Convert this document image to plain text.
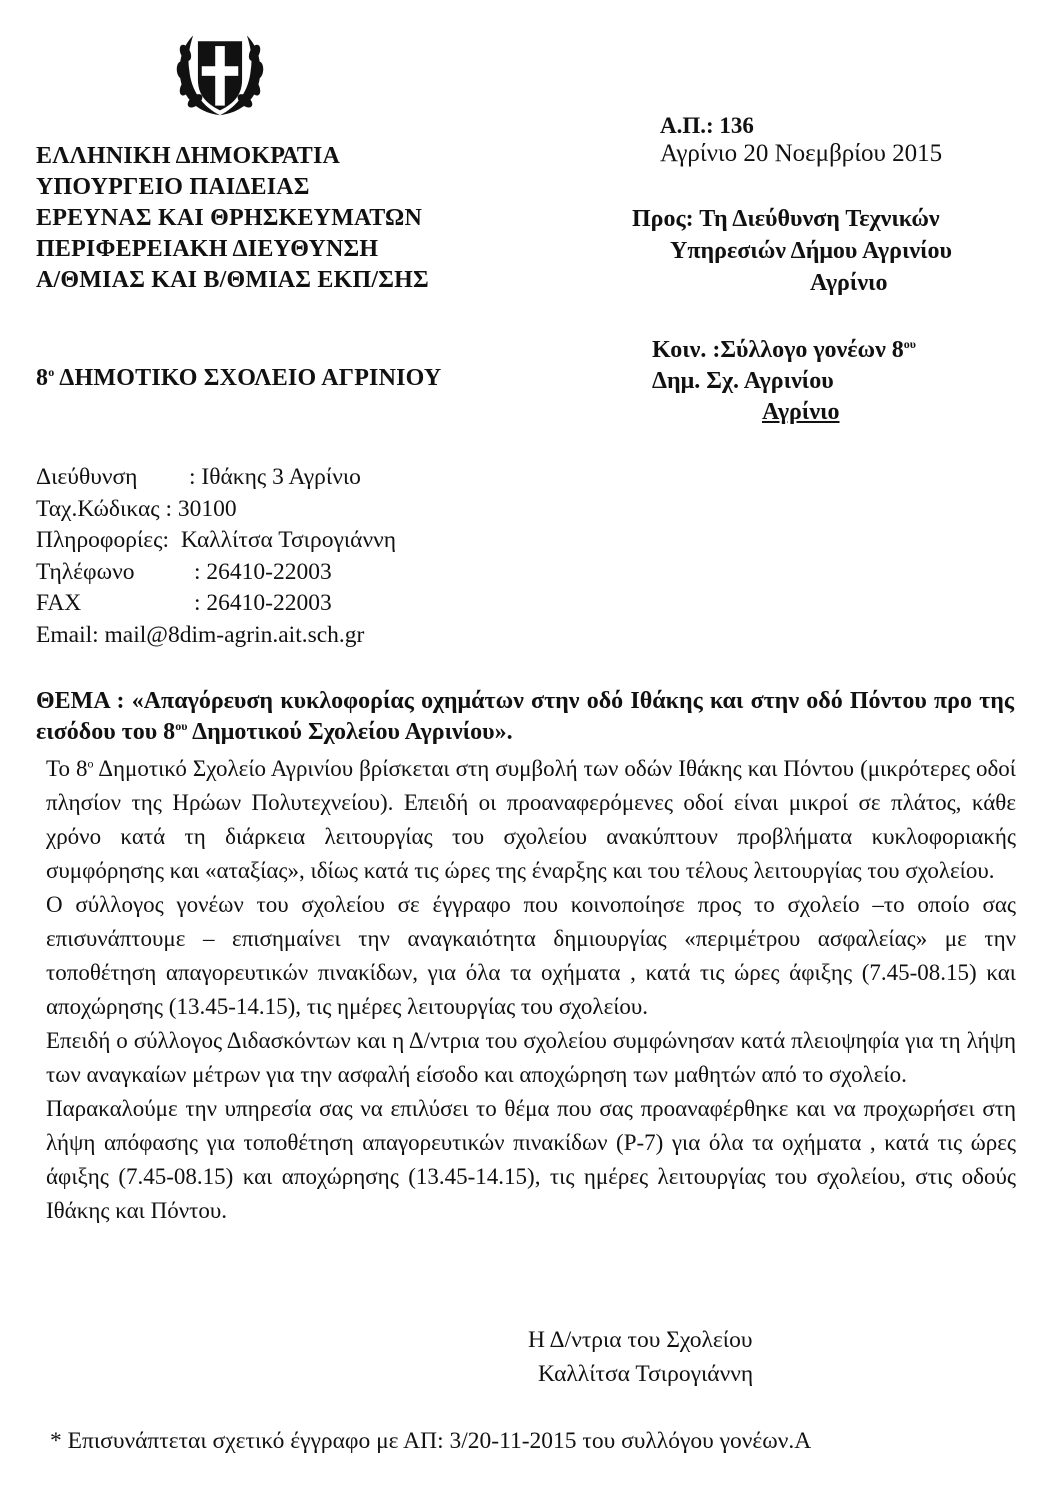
ΕΛΛΗΝΙΚΗ ΔΗΜΟΚΡΑΤΙΑ
ΥΠΟΥΡΓΕΙΟ ΠΑΙΔΕΙΑΣ
ΕΡΕΥΝΑΣ ΚΑΙ ΘΡΗΣΚΕΥΜΑΤΩΝ
ΠΕΡΙΦΕΡΕΙΑΚΗ ΔΙΕΥΘΥΝΣΗ
Α/ΘΜΙΑΣ ΚΑΙ Β/ΘΜΙΑΣ ΕΚΠ/ΣΗΣ
$8^o$ ΔΗΜΟΤΙΚΟ ΣΧΟΛΕΙΟ ΑΓΡΙΝΙΟΥ
Α.Π.: 136
Αγρίνιο 20 Νοεμβρίου 2015
Προς: Τη Διεύθυνση Τεχνικών
Υπηρεσιών Δήμου Αγρινίου
Αγρίνιο
Κοιν. :Σύλλογο γονέων $8^{o\upsilon}$
Δημ. Σχ. Αγρινίου
Αγρίνιο
Διεύθυνση : Ιθάκης 3 Αγρίνιο
Ταχ.Κώδικας : 30100
Πληροφορίες: Καλλίτσα Τσιρογιάννη
Τηλέφωνο	: 26410-22003
FAX	: 26410-22003
Email: mail@8dim-agrin.ait.sch.gr
ΘΕΜΑ : «Απαγόρευση κυκλοφορίας οχημάτων στην οδό Ιθάκης και στην οδό Πόντου προ της εισόδου του $8^{o\upsilon}$ Δημοτικού Σχολείου Αγρινίου».

Το $8^o$ Δημοτικό Σχολείο Αγρινίου βρίσκεται στη συμβολή των οδών Ιθάκης και Πόντου (μικρότερες οδοί πλησίον της Ηρώων Πολυτεχνείου). Επειδή οι προαναφερόμενες οδοί είναι μικροί σε πλάτος, κάθε χρόνο κατά τη διάρκεια λειτουργίας του σχολείου ανακύπτουν προβλήματα κυκλοφοριακής συμφόρησης και «αταξίας», ιδίως κατά τις ώρες της έναρξης και του τέλους λειτουργίας του σχολείου.

Ο σύλλογος γονέων του σχολείου σε έγγραφο που κοινοποίησε προς το σχολείο –το οποίο σας επισυνάπτουμε – επισημαίνει την αναγκαιότητα δημιουργίας «περιμέτρου ασφαλείας» με την τοποθέτηση απαγορευτικών πινακίδων, για όλα τα οχήματα , κατά τις ώρες άφιξης (7.45-08.15) και αποχώρησης (13.45-14.15), τις ημέρες λειτουργίας του σχολείου.

Επειδή ο σύλλογος Διδασκόντων και η Δ/ντρια του σχολείου συμφώνησαν κατά πλειοψηφία για τη λήψη των αναγκαίων μέτρων για την ασφαλή είσοδο και αποχώρηση των μαθητών από το σχολείο.

Παρακαλούμε την υπηρεσία σας να επιλύσει το θέμα που σας προαναφέρθηκε και να προχωρήσει στη λήψη απόφασης για τοποθέτηση απαγορευτικών πινακίδων (Ρ-7) για όλα τα οχήματα , κατά τις ώρες άφιξης (7.45-08.15) και αποχώρησης (13.45-14.15), τις ημέρες λειτουργίας του σχολείου, στις οδούς Ιθάκης και Πόντου.

Η Δ/ντρια του Σχολείου
Καλλίτσα Τσιρογιάννη
* Επισυνάπτεται σχετικό έγγραφο με ΑΠ: 3/20-11-2015 του συλλόγου γονέων.Α
